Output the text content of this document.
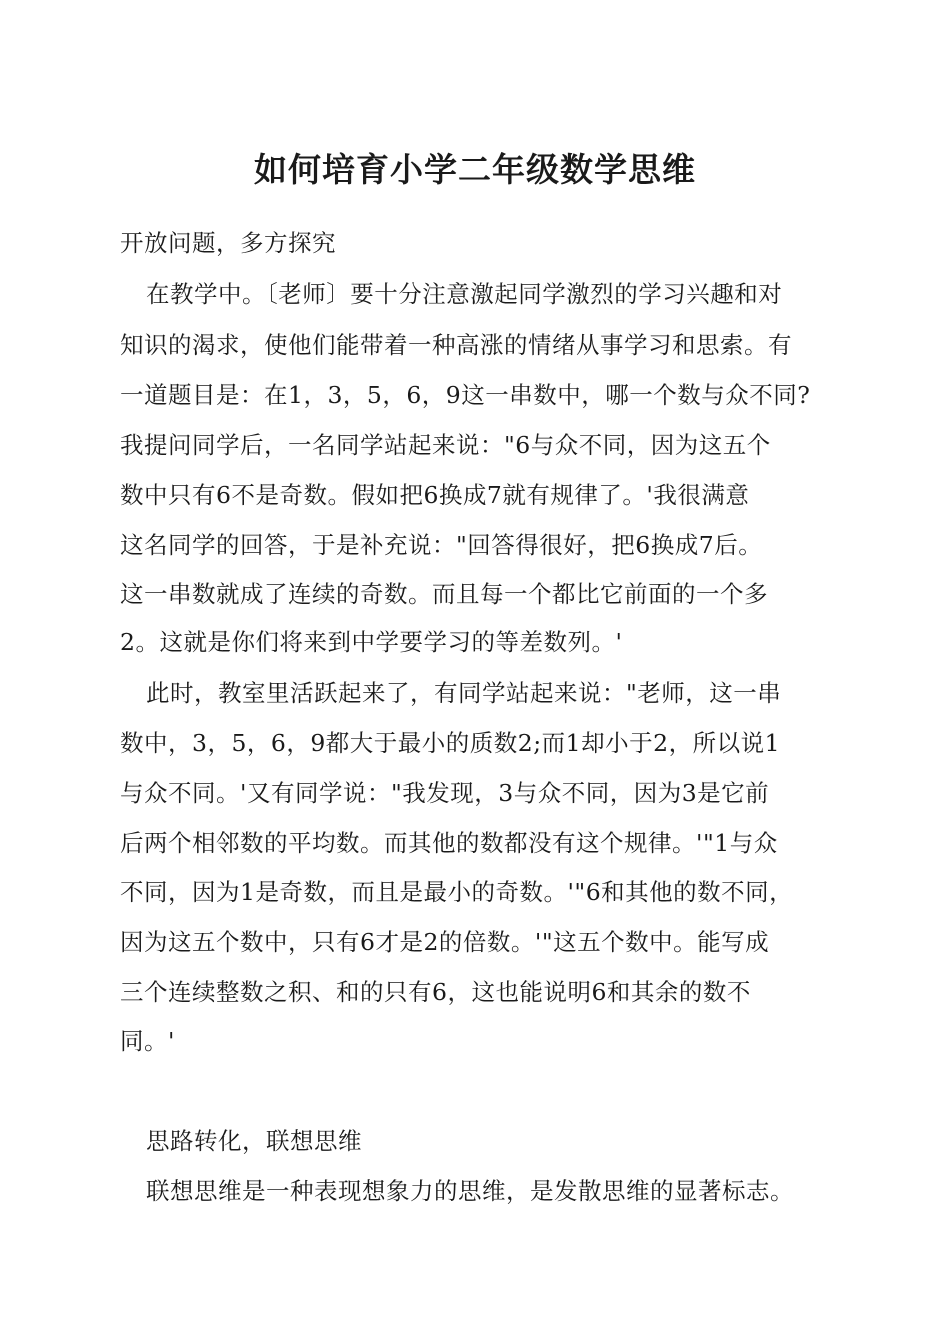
如何培育小学二年级数学思维
开放问题，多方探究
在教学中。〔老师〕要十分注意激起同学激烈的学习兴趣和对
知识的渴求，使他们能带着一种高涨的情绪从事学习和思索。有
一道题目是：在1，3，5，6，9这一串数中，哪一个数与众不同?
我提问同学后，一名同学站起来说："6与众不同，因为这五个
数中只有6不是奇数。假如把6换成7就有规律了。'我很满意
这名同学的回答，于是补充说："回答得很好，把6换成7后。
这一串数就成了连续的奇数。而且每一个都比它前面的一个多
2。这就是你们将来到中学要学习的等差数列。'
此时，教室里活跃起来了，有同学站起来说："老师，这一串
数中，3，5，6，9都大于最小的质数2;而1却小于2，所以说1
与众不同。'又有同学说："我发现，3与众不同，因为3是它前
后两个相邻数的平均数。而其他的数都没有这个规律。'"1与众
不同，因为1是奇数，而且是最小的奇数。'"6和其他的数不同，
因为这五个数中，只有6才是2的倍数。'"这五个数中。能写成
三个连续整数之积、和的只有6，这也能说明6和其余的数不
同。'
思路转化，联想思维
联想思维是一种表现想象力的思维，是发散思维的显著标志。
